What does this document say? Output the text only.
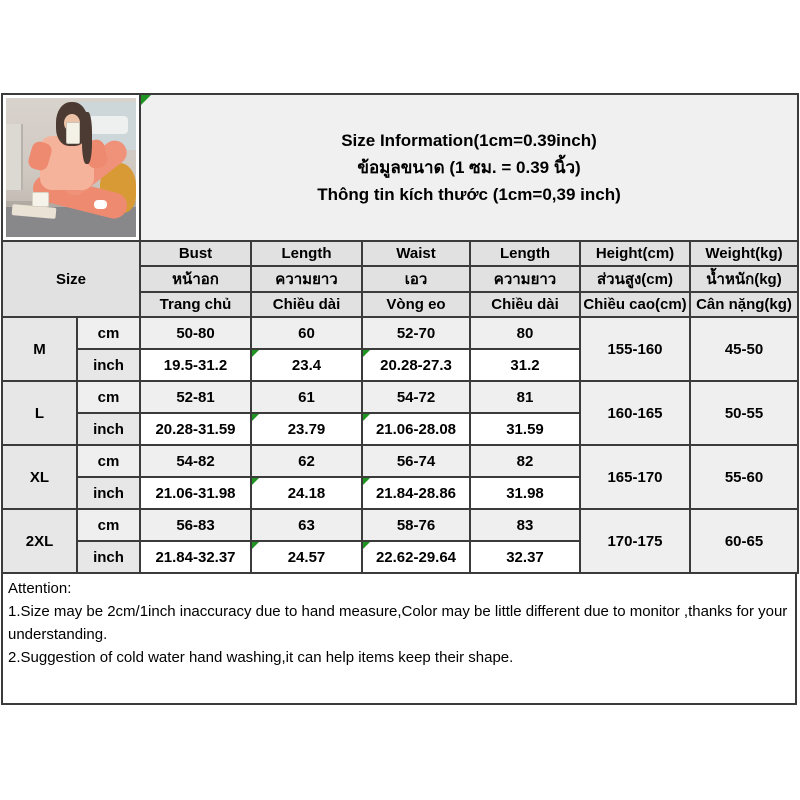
		Size Information(1cm=0.39inch)
ข้อมูลขนาด (1 ซม. = 0.39 นิ้ว)
Thông tin kích thước (1cm=0,39 inch)					

Size		Bust	Length	Waist	Length	Height(cm)	Weight(kg)
		หน้าอก	ความยาว	เอว	ความยาว	ส่วนสูง(cm)	น้ำหนัก(kg)
		Trang chủ	Chiều dài	Vòng eo	Chiều dài	Chiều cao(cm)	Cân nặng(kg)
M	cm	50-80	60	52-70	80	155-160	45-50
	inch	19.5-31.2	23.4	20.28-27.3	31.2		
L	cm	52-81	61	54-72	81	160-165	50-55
	inch	20.28-31.59	23.79	21.06-28.08	31.59		
XL	cm	54-82	62	56-74	82	165-170	55-60
	inch	21.06-31.98	24.18	21.84-28.86	31.98		
2XL	cm	56-83	63	58-76	83	170-175	60-65
	inch	21.84-32.37	24.57	22.62-29.64	32.37		
Attention:
1.Size may be 2cm/1inch inaccuracy due to hand measure,Color may be little different due to monitor ,thanks for your understanding.
2.Suggestion of cold water hand washing,it can help items keep their shape.
